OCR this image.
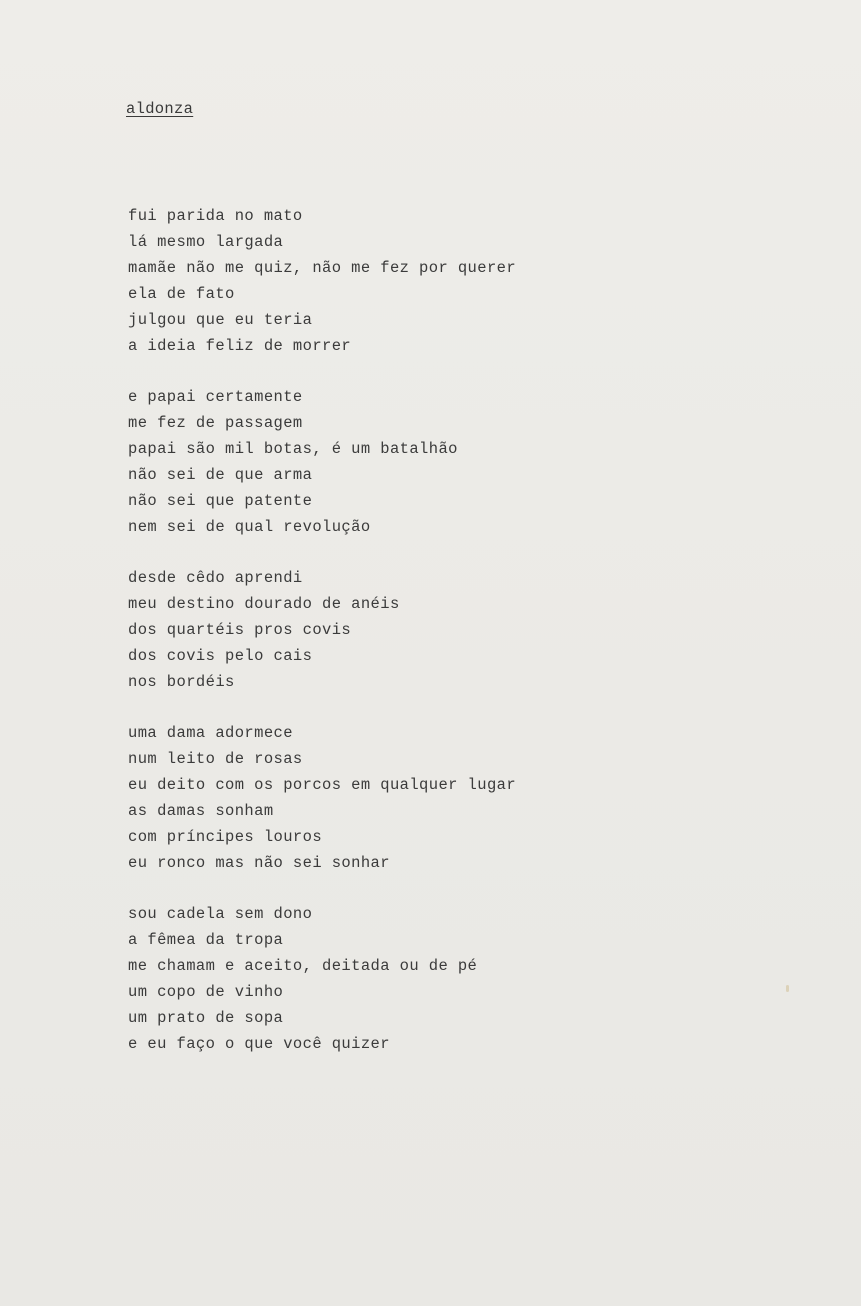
aldonza
fui parida no mato
lá mesmo largada
mamãe não me quiz, não me fez por querer
ela de fato
julgou que eu teria
a ideia feliz de morrer
e papai certamente
me fez de passagem
papai são mil botas, é um batalhão
não sei de que arma
não sei que patente
nem sei de qual revolução
desde cêdo aprendi
meu destino dourado de anéis
dos quartéis pros covis
dos covis pelo cais
nos bordéis
uma dama adormece
num leito de rosas
eu deito com os porcos em qualquer lugar
as damas sonham
com príncipes louros
eu ronco mas não sei sonhar
sou cadela sem dono
a fêmea da tropa
me chamam e aceito, deitada ou de pé
um copo de vinho
um prato de sopa
e eu faço o que você quizer
